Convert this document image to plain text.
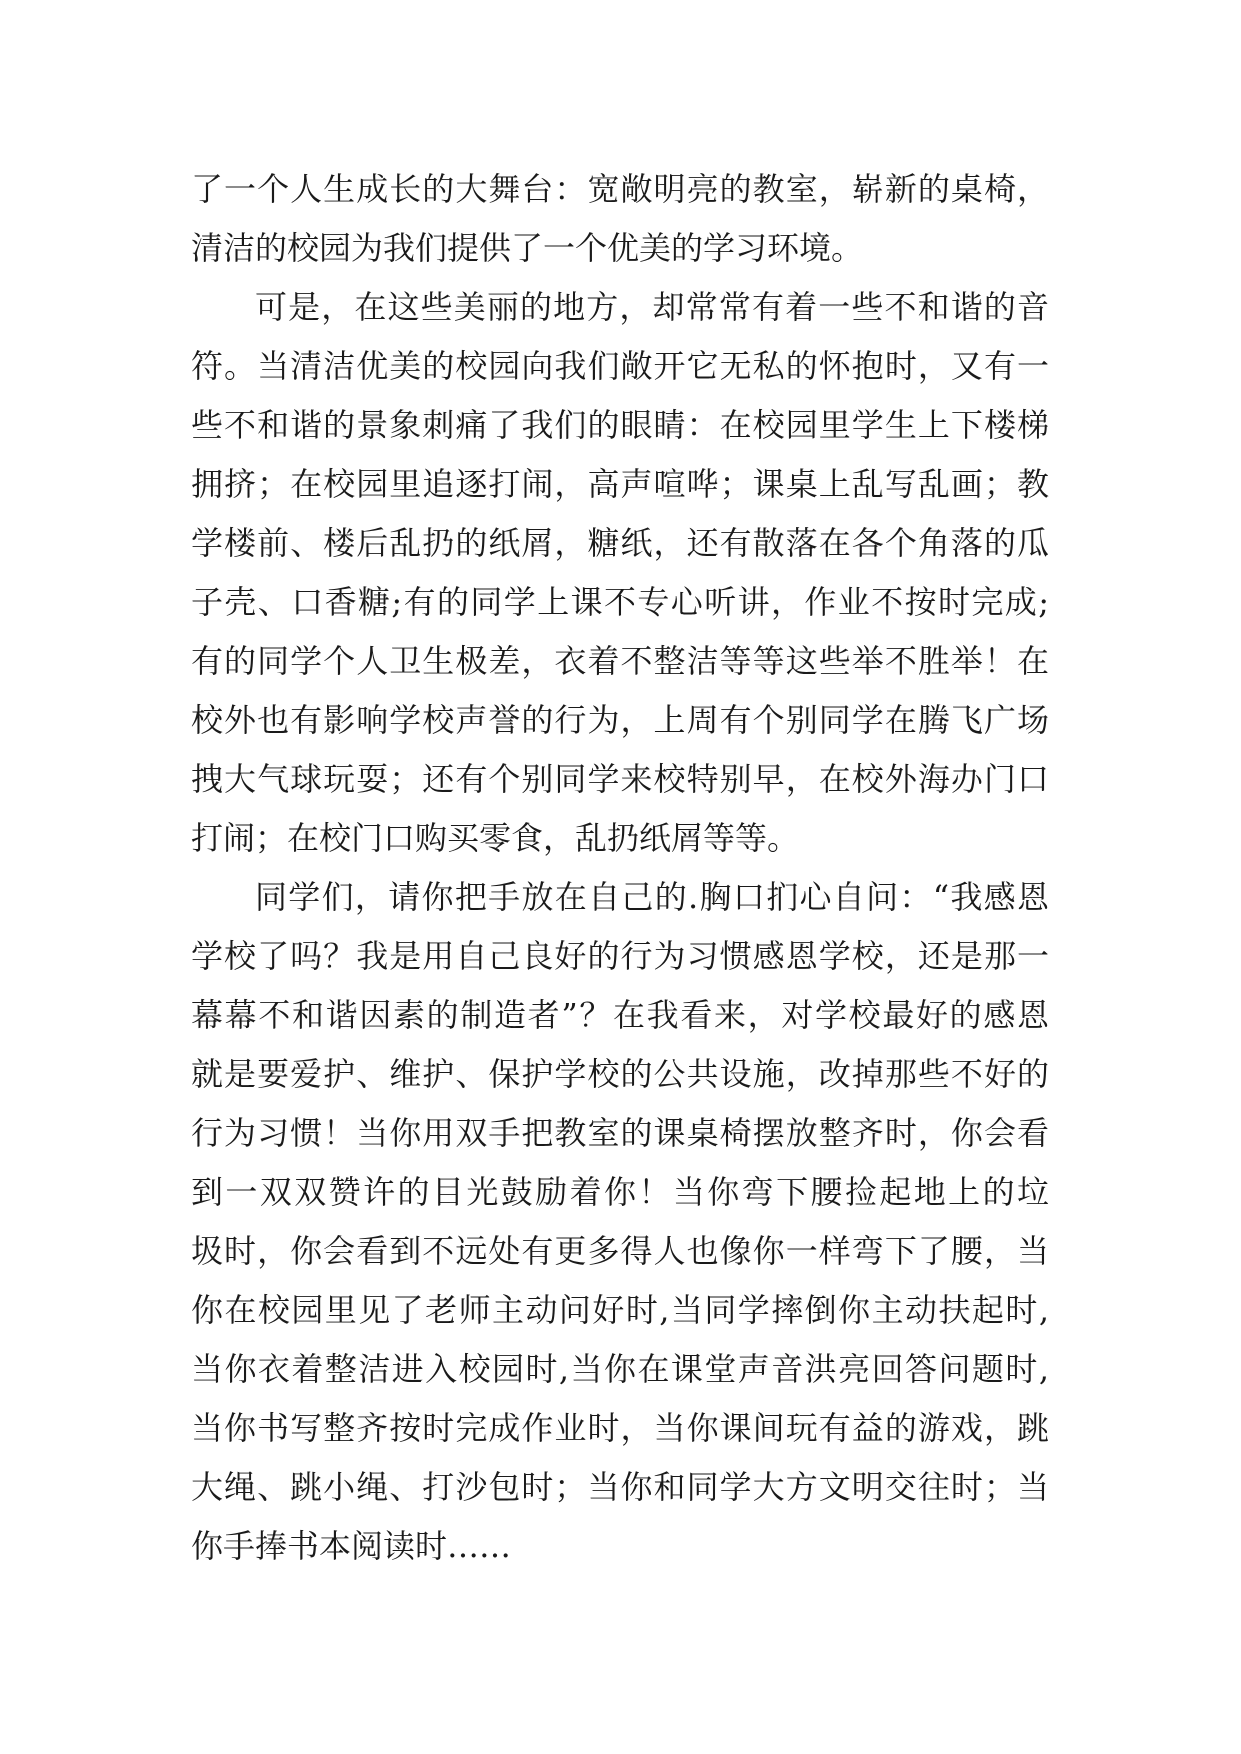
了一个人生成长的大舞台：宽敞明亮的教室，崭新的桌椅，
清洁的校园为我们提供了一个优美的学习环境。
可是，在这些美丽的地方，却常常有着一些不和谐的音
符。当清洁优美的校园向我们敞开它无私的怀抱时，又有一
些不和谐的景象刺痛了我们的眼睛：在校园里学生上下楼梯
拥挤；在校园里追逐打闹，高声喧哗；课桌上乱写乱画；教
学楼前、楼后乱扔的纸屑，糖纸，还有散落在各个角落的瓜
子壳、口香糖;有的同学上课不专心听讲，作业不按时完成;
有的同学个人卫生极差，衣着不整洁等等这些举不胜举！在
校外也有影响学校声誉的行为，上周有个别同学在腾飞广场
拽大气球玩耍；还有个别同学来校特别早，在校外海办门口
打闹；在校门口购买零食，乱扔纸屑等等。
同学们，请你把手放在自己的.胸口扪心自问：“我感恩
学校了吗？我是用自己良好的行为习惯感恩学校，还是那一
幕幕不和谐因素的制造者”？在我看来，对学校最好的感恩
就是要爱护、维护、保护学校的公共设施，改掉那些不好的
行为习惯！当你用双手把教室的课桌椅摆放整齐时，你会看
到一双双赞许的目光鼓励着你！当你弯下腰捡起地上的垃
圾时，你会看到不远处有更多得人也像你一样弯下了腰，当
你在校园里见了老师主动问好时,当同学摔倒你主动扶起时,
当你衣着整洁进入校园时,当你在课堂声音洪亮回答问题时,
当你书写整齐按时完成作业时，当你课间玩有益的游戏，跳
大绳、跳小绳、打沙包时；当你和同学大方文明交往时；当
你手捧书本阅读时……
